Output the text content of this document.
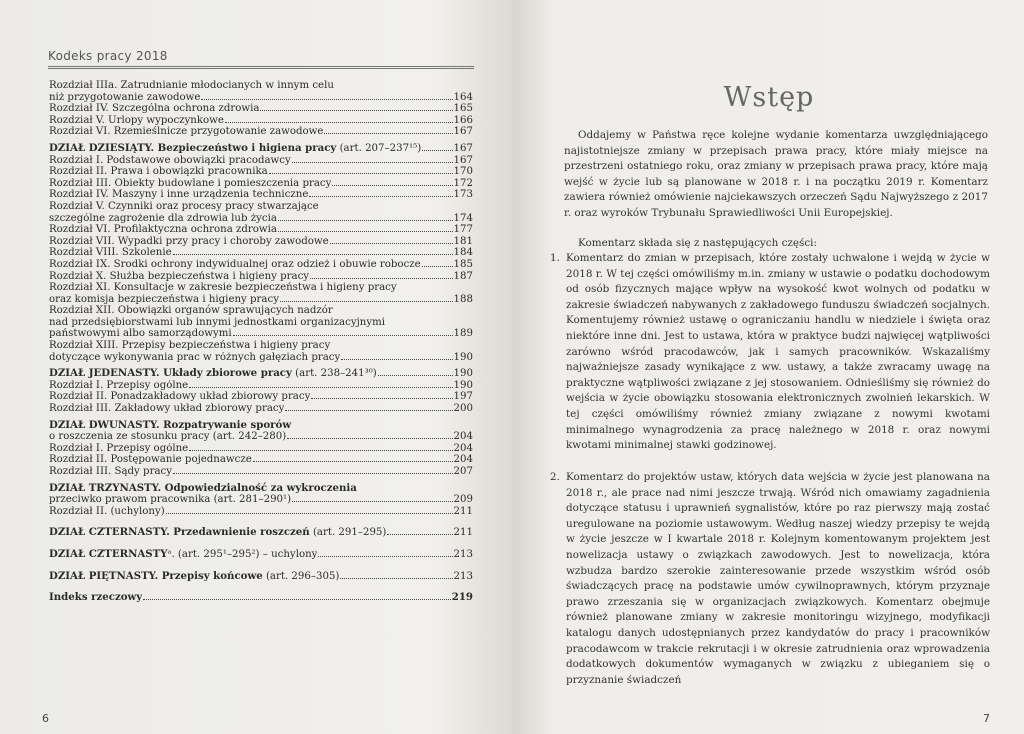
Kodeks pracy 2018
Rozdział IIIa. Zatrudnianie młodocianych w innym celu
niż przygotowanie zawodowe	164
Rozdział IV. Szczególna ochrona zdrowia	165
Rozdział V. Urlopy wypoczynkowe	166
Rozdział VI. Rzemieślnicze przygotowanie zawodowe	167
DZIAŁ DZIESIĄTY. Bezpieczeństwo i higiena pracy (art. 207–237¹⁵)	167
Rozdział I. Podstawowe obowiązki pracodawcy	167
Rozdział II. Prawa i obowiązki pracownika	170
Rozdział III. Obiekty budowlane i pomieszczenia pracy	172
Rozdział IV. Maszyny i inne urządzenia techniczne	173
Rozdział V. Czynniki oraz procesy pracy stwarzające
szczególne zagrożenie dla zdrowia lub życia	174
Rozdział VI. Profilaktyczna ochrona zdrowia	177
Rozdział VII. Wypadki przy pracy i choroby zawodowe	181
Rozdział VIII. Szkolenie	184
Rozdział IX. Środki ochrony indywidualnej oraz odzież i obuwie robocze	185
Rozdział X. Służba bezpieczeństwa i higieny pracy	187
Rozdział XI. Konsultacje w zakresie bezpieczeństwa i higieny pracy
oraz komisja bezpieczeństwa i higieny pracy	188
Rozdział XII. Obowiązki organów sprawujących nadzór
nad przedsiębiorstwami lub innymi jednostkami organizacyjnymi
państwowymi albo samorządowymi	189
Rozdział XIII. Przepisy bezpieczeństwa i higieny pracy
dotyczące wykonywania prac w różnych gałęziach pracy	190
DZIAŁ JEDENASTY. Układy zbiorowe pracy (art. 238–241³⁰)	190
Rozdział I. Przepisy ogólne	190
Rozdział II. Ponadzakładowy układ zbiorowy pracy	197
Rozdział III. Zakładowy układ zbiorowy pracy	200
DZIAŁ DWUNASTY. Rozpatrywanie sporów
o roszczenia ze stosunku pracy (art. 242–280)	204
Rozdział I. Przepisy ogólne	204
Rozdział II. Postępowanie pojednawcze	204
Rozdział III. Sądy pracy	207
DZIAŁ TRZYNASTY. Odpowiedzialność za wykroczenia
przeciwko prawom pracownika (art. 281–290¹)	209
Rozdział II. (uchylony)	211
DZIAŁ CZTERNASTY. Przedawnienie roszczeń (art. 291–295)	211
DZIAŁ CZTERNASTYᵃ. (art. 295¹–295²) – uchylony	213
DZIAŁ PIĘTNASTY. Przepisy końcowe (art. 296–305)	213
Indeks rzeczowy	219
6
Wstęp
Oddajemy w Państwa ręce kolejne wydanie komentarza uwzględniającego najistotniejsze zmiany w przepisach prawa pracy, które miały miejsce na przestrzeni ostatniego roku, oraz zmiany w przepisach prawa pracy, które mają wejść w życie lub są planowane w 2018 r. i na początku 2019 r. Komentarz zawiera również omówienie najciekawszych orzeczeń Sądu Najwyższego z 2017 r. oraz wyroków Trybunału Sprawiedliwości Unii Europejskiej.
Komentarz składa się z następujących części:
1. Komentarz do zmian w przepisach, które zostały uchwalone i wejdą w życie w 2018 r. W tej części omówiliśmy m.in. zmiany w ustawie o podatku dochodowym od osób fizycznych mające wpływ na wysokość kwot wolnych od podatku w zakresie świadczeń nabywanych z zakładowego funduszu świadczeń socjalnych. Komentujemy również ustawę o ograniczaniu handlu w niedziele i święta oraz niektóre inne dni. Jest to ustawa, która w praktyce budzi najwięcej wątpliwości zarówno wśród pracodawców, jak i samych pracowników. Wskazaliśmy najważniejsze zasady wynikające z ww. ustawy, a także zwracamy uwagę na praktyczne wątpliwości związane z jej stosowaniem. Odnieśliśmy się również do wejścia w życie obowiązku stosowania elektronicznych zwolnień lekarskich. W tej części omówiliśmy również zmiany związane z nowymi kwotami minimalnego wynagrodzenia za pracę należnego w 2018 r. oraz nowymi kwotami minimalnej stawki godzinowej.
2. Komentarz do projektów ustaw, których data wejścia w życie jest planowana na 2018 r., ale prace nad nimi jeszcze trwają. Wśród nich omawiamy zagadnienia dotyczące statusu i uprawnień sygnalistów, które po raz pierwszy mają zostać uregulowane na poziomie ustawowym. Według naszej wiedzy przepisy te wejdą w życie jeszcze w I kwartale 2018 r. Kolejnym komentowanym projektem jest nowelizacja ustawy o związkach zawodowych. Jest to nowelizacja, która wzbudza bardzo szerokie zainteresowanie przede wszystkim wśród osób świadczących pracę na podstawie umów cywilnoprawnych, którym przyznaje prawo zrzeszania się w organizacjach związkowych. Komentarz obejmuje również planowane zmiany w zakresie monitoringu wizyjnego, modyfikacji katalogu danych udostępnianych przez kandydatów do pracy i pracowników pracodawcom w trakcie rekrutacji i w okresie zatrudnienia oraz wprowadzenia dodatkowych dokumentów wymaganych w związku z ubieganiem się o przyznanie świadczeń
7
